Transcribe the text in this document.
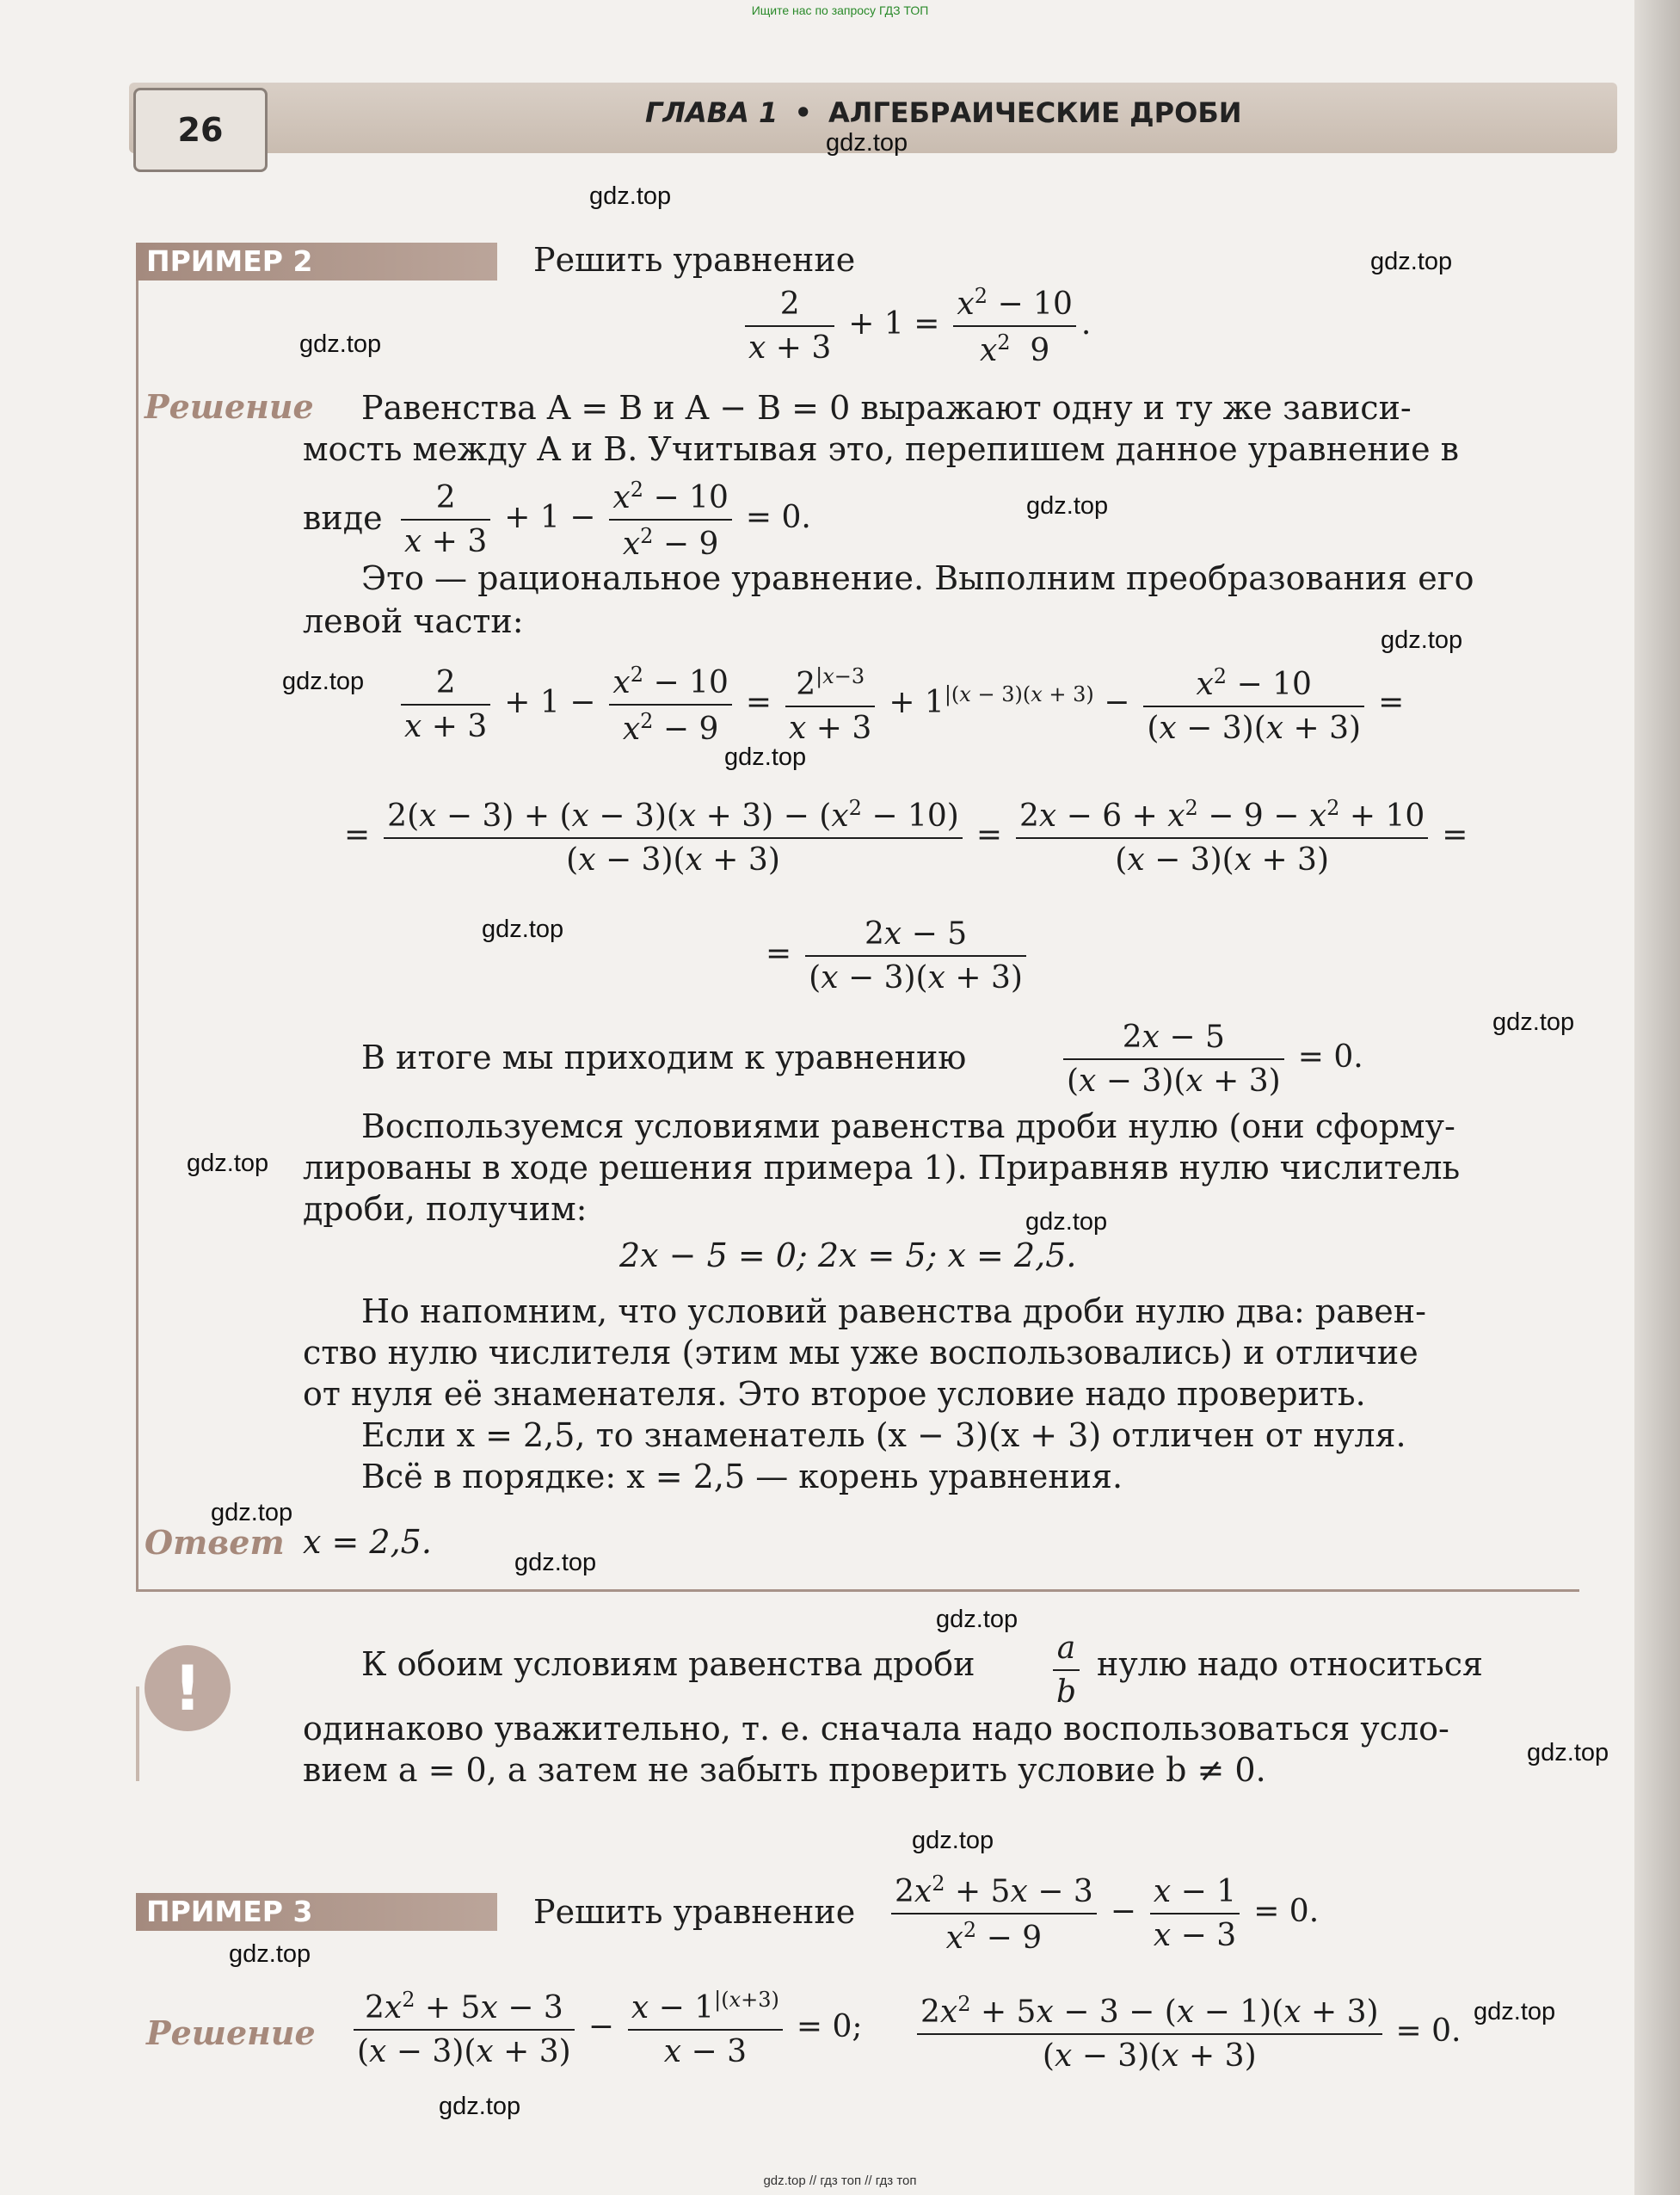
Ищите нас по запросу ГДЗ ТОП
26	ГЛАВА 1 • АЛГЕБРАИЧЕСКИЕ ДРОБИ
ПРИМЕР 2	Решить уравнение
$\frac{2}{x + 3} + 1 = \frac{x^2 - 10}{x^2 9}$ .
Решение Равенства A = B и A − B = 0 выражают одну и ту же зависи-
мость между A и B. Учитывая это, перепишем данное уравнение в
виде $\frac{2}{x + 3} + 1 - \frac{x^2 - 10}{x^2 - 9} = 0$.
Это — рациональное уравнение. Выполним преобразования его
левой части:
$\frac{2}{x + 3} + 1 - \frac{x^2 - 10}{x^2 - 9} = \frac{2^{|x-3}}{x + 3} + 1^{|(x - 3)(x + 3)} - \frac{x^2 - 10}{(x - 3)(x + 3)}$ =
= $\frac{2(x - 3) + (x - 3)(x + 3) - (x^2 - 10)}{(x - 3)(x + 3)} = \frac{2x - 6 + x^2 - 9 - x^2 + 10}{(x - 3)(x + 3)}$ =
= $\frac{2x - 5}{(x - 3)(x + 3)}$
В итоге мы приходим к уравнению	$\frac{2x - 5}{(x - 3)(x + 3)} = 0$.
Воспользуемся условиями равенства дроби нулю (они сформу-
лированы в ходе решения примера 1). Приравняв нулю числитель
дроби, получим:
2x − 5 = 0; 2x = 5; x = 2,5.
Но напомним, что условий равенства дроби нулю два: равен-
ство нулю числителя (этим мы уже воспользовались) и отличие
от нуля её знаменателя. Это второе условие надо проверить.
Если x = 2,5, то знаменатель (x − 3)(x + 3) отличен от нуля.
Всё в порядке: x = 2,5 — корень уравнения.
Ответ x = 2,5.
!	К обоим условиям равенства дроби	$\frac{a}{b}$ нулю надо относиться
одинаково уважительно, т. е. сначала надо воспользоваться усло-
вием a = 0, а затем не забыть проверить условие b ≠ 0.
ПРИМЕР 3	Решить уравнение $\frac{2x^2 + 5x - 3}{x^2 - 9} - \frac{x - 1}{x - 3} = 0$.
Решение $\frac{2x^2 + 5x - 3}{(x - 3)(x + 3)} - \frac{x - 1^{|(x+3)}}{x - 3} = 0$; $\frac{2x^2 + 5x - 3 - (x - 1)(x + 3)}{(x - 3)(x + 3)} = 0$.
gdz.top
gdz.top
gdz.top
gdz.top
gdz.top
gdz.top
gdz.top
gdz.top
gdz.top
gdz.top
gdz.top
gdz.top
gdz.top
gdz.top
gdz.top
gdz.top
gdz.top
gdz.top
gdz.top
gdz.top
gdz.top // гдз топ // гдз топ
